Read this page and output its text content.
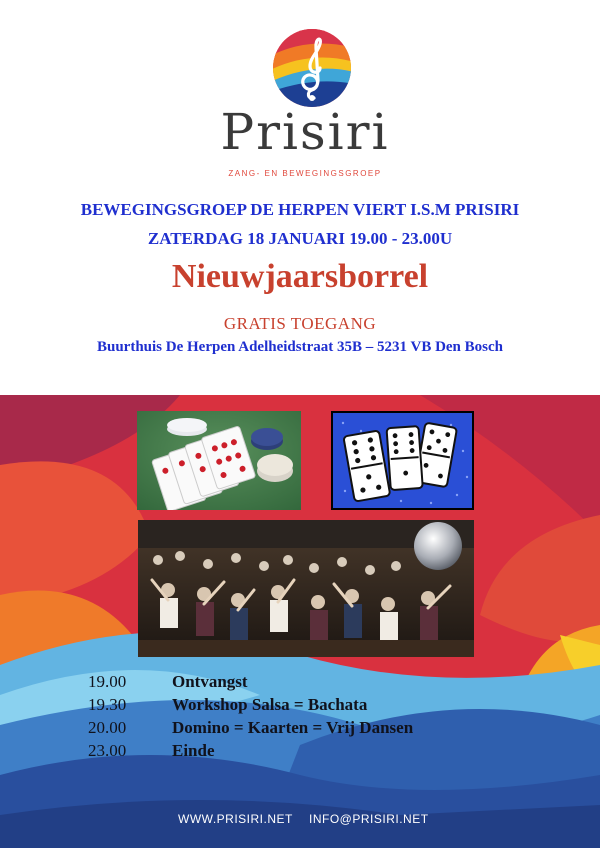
Prisiri
ZANG- EN BEWEGINGSGROEP
BEWEGINGSGROEP DE HERPEN VIERT I.S.M PRISIRI
ZATERDAG 18 JANUARI 19.00 - 23.00U
Nieuwjaarsborrel
GRATIS TOEGANG
Buurthuis De Herpen Adelheidstraat 35B – 5231 VB Den Bosch
19.00	Ontvangst
19.30	Workshop Salsa = Bachata
20.00	Domino = Kaarten = Vrij Dansen
23.00	Einde
WWW.PRISIRI.NET INFO@PRISIRI.NET
